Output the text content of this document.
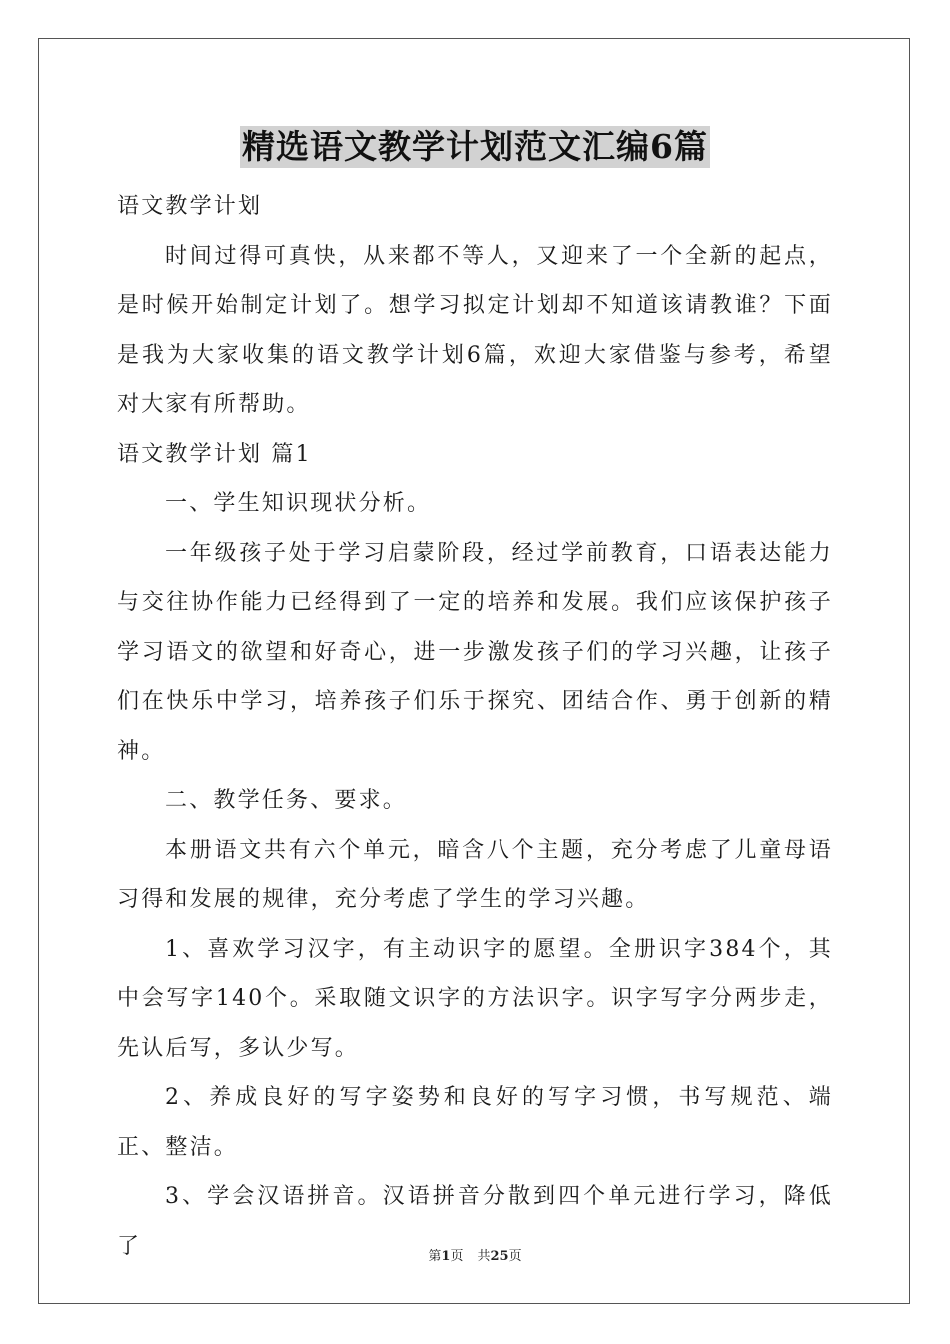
精选语文教学计划范文汇编6篇

语文教学计划

时间过得可真快，从来都不等人，又迎来了一个全新的起点，是时候开始制定计划了。想学习拟定计划却不知道该请教谁？下面是我为大家收集的语文教学计划6篇，欢迎大家借鉴与参考，希望对大家有所帮助。

语文教学计划 篇1

一、学生知识现状分析。

一年级孩子处于学习启蒙阶段，经过学前教育，口语表达能力与交往协作能力已经得到了一定的培养和发展。我们应该保护孩子学习语文的欲望和好奇心，进一步激发孩子们的学习兴趣，让孩子们在快乐中学习，培养孩子们乐于探究、团结合作、勇于创新的精神。

二、教学任务、要求。

本册语文共有六个单元，暗含八个主题，充分考虑了儿童母语习得和发展的规律，充分考虑了学生的学习兴趣。

1、喜欢学习汉字，有主动识字的愿望。全册识字384个，其中会写字140个。采取随文识字的方法识字。识字写字分两步走，先认后写，多认少写。

2、养成良好的写字姿势和良好的写字习惯，书写规范、端正、整洁。

3、学会汉语拼音。汉语拼音分散到四个单元进行学习，降低了	第1页 共25页
